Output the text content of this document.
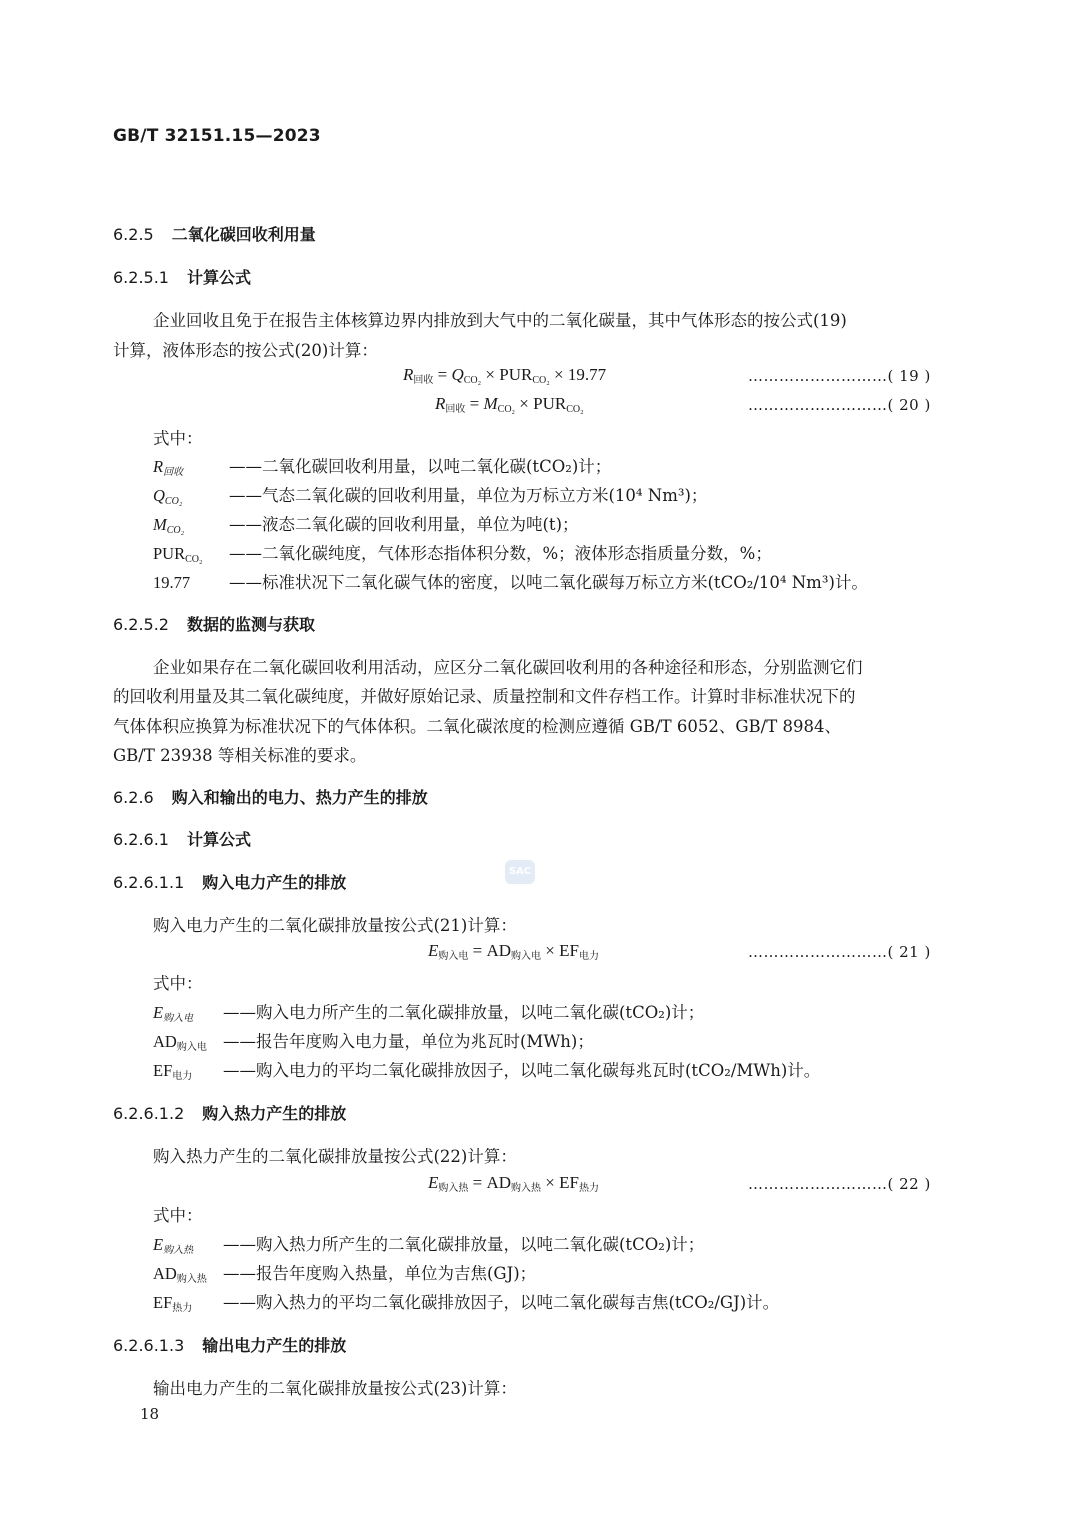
GB/T 32151.15—2023
6.2.5 二氧化碳回收利用量
6.2.5.1 计算公式
企业回收且免于在报告主体核算边界内排放到大气中的二氧化碳量，其中气体形态的按公式(19)
计算，液体形态的按公式(20)计算：
$R_{回收} = Q_{CO_2} \times PUR_{CO_2} \times 19.77$	………………………( 19 )
$R_{回收} = M_{CO_2} \times PUR_{CO_2}$	………………………( 20 )
式中：
$R_{回收}$	——二氧化碳回收利用量，以吨二氧化碳(tCO₂)计；
$Q_{CO_2}$	——气态二氧化碳的回收利用量，单位为万标立方米(10⁴ Nm³)；
$M_{CO_2}$	——液态二氧化碳的回收利用量，单位为吨(t)；
$PUR_{CO_2}$ ——二氧化碳纯度，气体形态指体积分数，%；液体形态指质量分数，%；
19.77 ——标准状况下二氧化碳气体的密度，以吨二氧化碳每万标立方米(tCO₂/10⁴ Nm³)计。
6.2.5.2 数据的监测与获取
企业如果存在二氧化碳回收利用活动，应区分二氧化碳回收利用的各种途径和形态，分别监测它们
的回收利用量及其二氧化碳纯度，并做好原始记录、质量控制和文件存档工作。计算时非标准状况下的
气体体积应换算为标准状况下的气体体积。二氧化碳浓度的检测应遵循 GB/T 6052、GB/T 8984、
GB/T 23938 等相关标准的要求。
6.2.6 购入和输出的电力、热力产生的排放
6.2.6.1 计算公式
SAC
6.2.6.1.1 购入电力产生的排放
购入电力产生的二氧化碳排放量按公式(21)计算：
$E_{购入电} = AD_{购入电} \times EF_{电力}$	………………………( 21 )
式中：
$E_{购入电}$ ——购入电力所产生的二氧化碳排放量，以吨二氧化碳(tCO₂)计；
$AD_{购入电}$ ——报告年度购入电力量，单位为兆瓦时(MWh)；
$EF_{电力}$ ——购入电力的平均二氧化碳排放因子，以吨二氧化碳每兆瓦时(tCO₂/MWh)计。
6.2.6.1.2 购入热力产生的排放
购入热力产生的二氧化碳排放量按公式(22)计算：
$E_{购入热} = AD_{购入热} \times EF_{热力}$	………………………( 22 )
式中：
$E_{购入热}$ ——购入热力所产生的二氧化碳排放量，以吨二氧化碳(tCO₂)计；
$AD_{购入热}$ ——报告年度购入热量，单位为吉焦(GJ)；
$EF_{热力}$ ——购入热力的平均二氧化碳排放因子，以吨二氧化碳每吉焦(tCO₂/GJ)计。
6.2.6.1.3 输出电力产生的排放
输出电力产生的二氧化碳排放量按公式(23)计算：
18
